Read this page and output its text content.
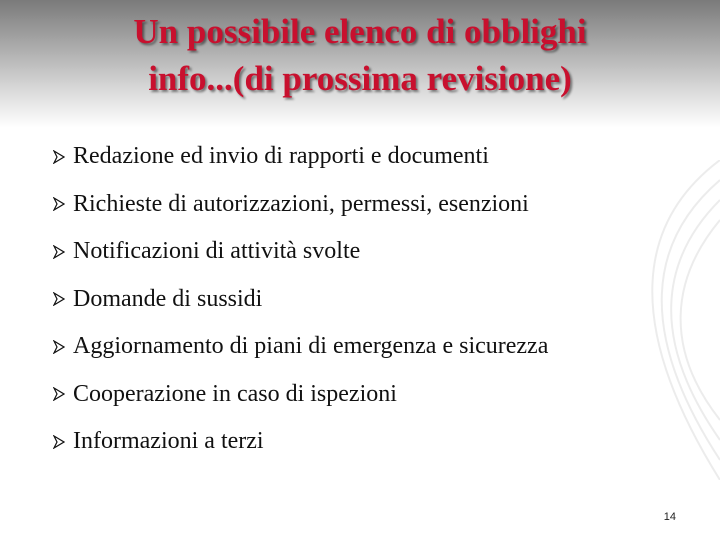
Un possibile elenco di obblighi
info...(di prossima revisione)
Redazione ed invio di rapporti e documenti
Richieste di autorizzazioni, permessi, esenzioni
Notificazioni di attività svolte
Domande di sussidi
Aggiornamento di piani di emergenza e sicurezza
Cooperazione in caso di ispezioni
Informazioni a terzi
14
